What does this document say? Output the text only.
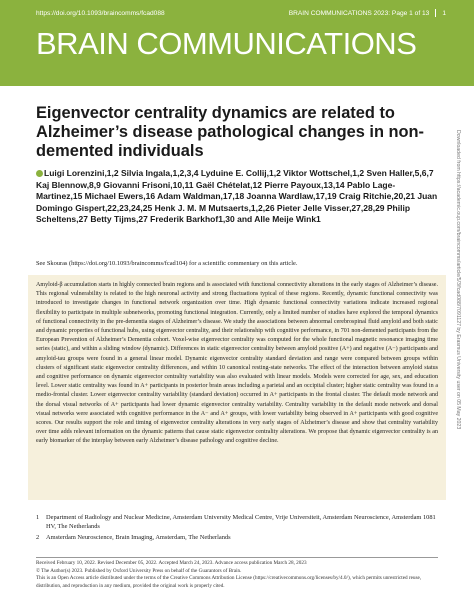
https://doi.org/10.1093/braincomms/fcad088	BRAIN COMMUNICATIONS 2023: Page 1 of 13 1
BRAIN COMMUNICATIONS
Eigenvector centrality dynamics are related to Alzheimer’s disease pathological changes in non-demented individuals
Luigi Lorenzini,1,2 Silvia Ingala,1,2,3,4 Lyduine E. Collij,1,2 Viktor Wottschel,1,2 Sven Haller,5,6,7 Kaj Blennow,8,9 Giovanni Frisoni,10,11 Gaël Chételat,12 Pierre Payoux,13,14 Pablo Lage-Martinez,15 Michael Ewers,16 Adam Waldman,17,18 Joanna Wardlaw,17,19 Craig Ritchie,20,21 Juan Domingo Gispert,22,23,24,25 Henk J. M. M Mutsaerts,1,2,26 Pieter Jelle Visser,27,28,29 Philip Scheltens,27 Betty Tijms,27 Frederik Barkhof1,30 and Alle Meije Wink1

See Skouras (https://doi.org/10.1093/braincomms/fcad104) for a scientific commentary on this article.

Amyloid-β accumulation starts in highly connected brain regions and is associated with functional connectivity alterations in the early stages of Alzheimer’s disease. This regional vulnerability is related to the high neuronal activity and strong fluctuations typical of these regions. Recently, dynamic functional connectivity was introduced to investigate changes in functional network organization over time. High dynamic functional connectivity variations indicate increased regional flexibility to participate in multiple subnetworks, promoting functional integration. Currently, only a limited number of studies have explored the temporal dynamics of functional connectivity in the pre-dementia stages of Alzheimer’s disease. We study the associations between abnormal cerebrospinal fluid amyloid and both static and dynamic properties of functional hubs, using eigenvector centrality, and their relationship with cognitive performance, in 701 non-demented participants from the European Prevention of Alzheimer’s Dementia cohort. Voxel-wise eigenvector centrality was computed for the whole functional magnetic resonance imaging time series (static), and within a sliding window (dynamic). Differences in static eigenvector centrality between amyloid positive (A+) and negative (A−) participants and amyloid-tau groups were found in a general linear model. Dynamic eigenvector centrality standard deviation and range were compared between groups within clusters of significant static eigenvector centrality differences, and within 10 canonical resting-state networks. The effect of the interaction between amyloid status and cognitive performance on dynamic eigenvector centrality variability was also evaluated with linear models. Models were corrected for age, sex, and education level. Lower static centrality was found in A+ participants in posterior brain areas including a parietal and an occipital cluster; higher static centrality was found in a medio-frontal cluster. Lower eigenvector centrality variability (standard deviation) occurred in A+ participants in the frontal cluster. The default mode network and the dorsal visual networks of A+ participants had lower dynamic eigenvector centrality variability. Centrality variability in the default mode network and dorsal visual networks were associated with cognitive performance in the A− and A+ groups, with lower variability being observed in A+ participants with good cognitive scores. Our results support the role and timing of eigenvector centrality alterations in very early stages of Alzheimer’s disease and show that centrality variability over time adds relevant information on the dynamic patterns that cause static eigenvector centrality alterations. We propose that dynamic eigenvector centrality is an early biomarker of the interplay between early Alzheimer’s disease pathology and cognitive decline.

1	Department of Radiology and Nuclear Medicine, Amsterdam University Medical Centre, Vrije Universiteit, Amsterdam Neuroscience, Amsterdam 1081 HV, The Netherlands
2	Amsterdam Neuroscience, Brain Imaging, Amsterdam, The Netherlands
Received February 10, 2022. Revised December 05, 2022. Accepted March 24, 2023. Advance access publication March 28, 2023
© The Author(s) 2023. Published by Oxford University Press on behalf of the Guarantors of Brain.
This is an Open Access article distributed under the terms of the Creative Commons Attribution License (https://creativecommons.org/licenses/by/4.0/), which permits unrestricted reuse, distribution, and reproduction in any medium, provided the original work is properly cited.
Downloaded from https://academic.oup.com/braincomms/article/5/3/fcad088/7091127 by Erasmus University user on 05 May 2023
